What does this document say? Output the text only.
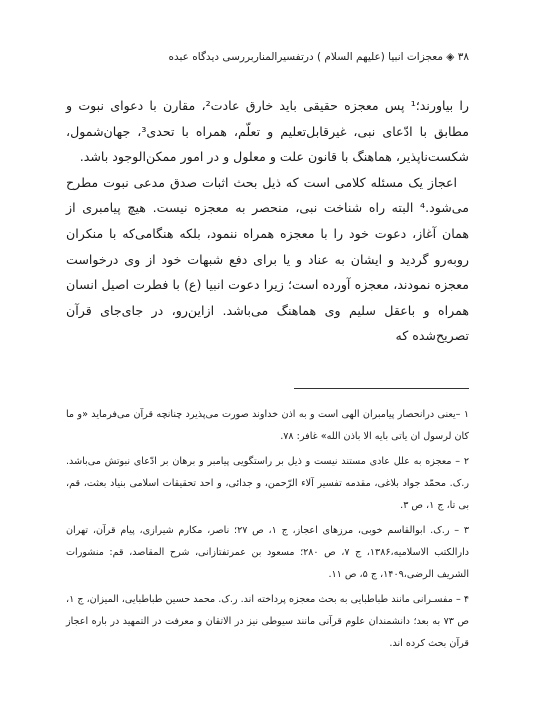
۳۸ ◈ معجزات انبیا (علیهم السلام ) درتفسیرالمناربررسی دیدگاه عبده

را بیاورند؛¹ پس معجزه حقیقی باید خارق عادت²، مقارن با دعوای نبوت و مطابق با ادّعای نبی، غیرقابل‌تعلیم و تعلّم، همراه با تحدی³، جهان‌شمول، شکست‌ناپذیر، هماهنگ با قانون علت و معلول و در امور ممکن‌الوجود باشد.

اعجاز یک مسئله کلامی است که ذیل بحث اثبات صدق مدعی نبوت مطرح می‌شود.⁴ البته راه شناخت نبی، منحصر به معجزه نیست. هیچ پیامبری از همان آغاز، دعوت خود را با معجزه همراه ننمود، بلکه هنگامی‌که با منکران روبه‌رو گردید و ایشان به عناد و یا برای دفع شبهات خود از وی درخواست معجزه نمودند، معجزه آورده است؛ زیرا دعوت انبیا (ع) با فطرت اصیل انسان همراه و باعقل سلیم وی هماهنگ می‌باشد. ازاین‌رو، در جای‌جای قرآن تصریح‌شده که

۱ –یعنی درانحصار پیامبران الهی است و به اذن خداوند صورت می‌پذیرد چنانچه قرآن می‌فرماید «و ما کان لرسول ان یاتی بایه الا باذن الله» غافر: ۷۸.

۲ – معجزه به علل عادی مستند نیست و ذیل بر راستگویی پیامبر و برهان بر ادّعای نبوتش می‌باشد. ر.ک. محمّد جواد بلاغی، مقدمه تفسیر آلاء الرّحمن، و جدائی، و احد تحقیقات اسلامی بنیاد بعثت، قم، بی تا، ج ۱، ص ۳.

۳ – ر.ک. ابوالقاسم خوبی، مرزهای اعجاز، ج ۱، ص ۲۷؛ ناصر، مکارم شیرازی، پیام قرآن، تهران دارالکتب الاسلامیه،۱۳۸۶، ج ۷، ص ۲۸۰؛ مسعود بن عمرتفتازانی، شرح المقاصد، قم: منشورات الشریف الرضی،۱۴۰۹، ج ۵، ص ۱۱.

۴ – مفسـرانی مانند طباطبایی به بحث معجزه پرداخته اند. ر.ک. محمد حسین طباطبایی، المیزان، ج ۱، ص ۷۳ به بعد؛ دانشمندان علوم قرآنی مانند سیوطی نیز در الاتقان و معرفت در التمهید در باره اعجاز قرآن بحث کرده اند.
